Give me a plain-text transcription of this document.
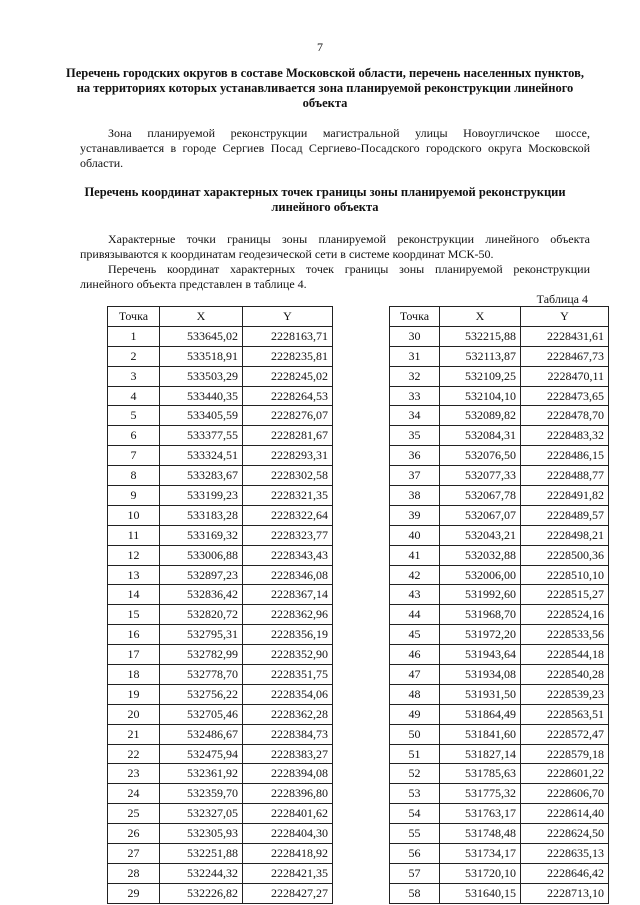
7
Перечень городских округов в составе Московской области, перечень населенных пунктов, на территориях которых устанавливается зона планируемой реконструкции линейного объекта
Зона планируемой реконструкции магистральной улицы Новоугличское шоссе, устанавливается в городе Сергиев Посад Сергиево-Посадского городского округа Московской области.
Перечень координат характерных точек границы зоны планируемой реконструкции линейного объекта

Характерные точки границы зоны планируемой реконструкции линейного объекта привязываются к координатам геодезической сети в системе координат МСК-50.

Перечень координат характерных точек границы зоны планируемой реконструкции линейного объекта представлен в таблице 4.

Таблица 4
Точка	X	Y
1	533645,02	2228163,71
2	533518,91	2228235,81
3	533503,29	2228245,02
4	533440,35	2228264,53
5	533405,59	2228276,07
6	533377,55	2228281,67
7	533324,51	2228293,31
8	533283,67	2228302,58
9	533199,23	2228321,35
10	533183,28	2228322,64
11	533169,32	2228323,77
12	533006,88	2228343,43
13	532897,23	2228346,08
14	532836,42	2228367,14
15	532820,72	2228362,96
16	532795,31	2228356,19
17	532782,99	2228352,90
18	532778,70	2228351,75
19	532756,22	2228354,06
20	532705,46	2228362,28
21	532486,67	2228384,73
22	532475,94	2228383,27
23	532361,92	2228394,08
24	532359,70	2228396,80
25	532327,05	2228401,62
26	532305,93	2228404,30
27	532251,88	2228418,92
28	532244,32	2228421,35
29	532226,82	2228427,27
Точка	X	Y
30	532215,88	2228431,61
31	532113,87	2228467,73
32	532109,25	2228470,11
33	532104,10	2228473,65
34	532089,82	2228478,70
35	532084,31	2228483,32
36	532076,50	2228486,15
37	532077,33	2228488,77
38	532067,78	2228491,82
39	532067,07	2228489,57
40	532043,21	2228498,21
41	532032,88	2228500,36
42	532006,00	2228510,10
43	531992,60	2228515,27
44	531968,70	2228524,16
45	531972,20	2228533,56
46	531943,64	2228544,18
47	531934,08	2228540,28
48	531931,50	2228539,23
49	531864,49	2228563,51
50	531841,60	2228572,47
51	531827,14	2228579,18
52	531785,63	2228601,22
53	531775,32	2228606,70
54	531763,17	2228614,40
55	531748,48	2228624,50
56	531734,17	2228635,13
57	531720,10	2228646,42
58	531640,15	2228713,10
